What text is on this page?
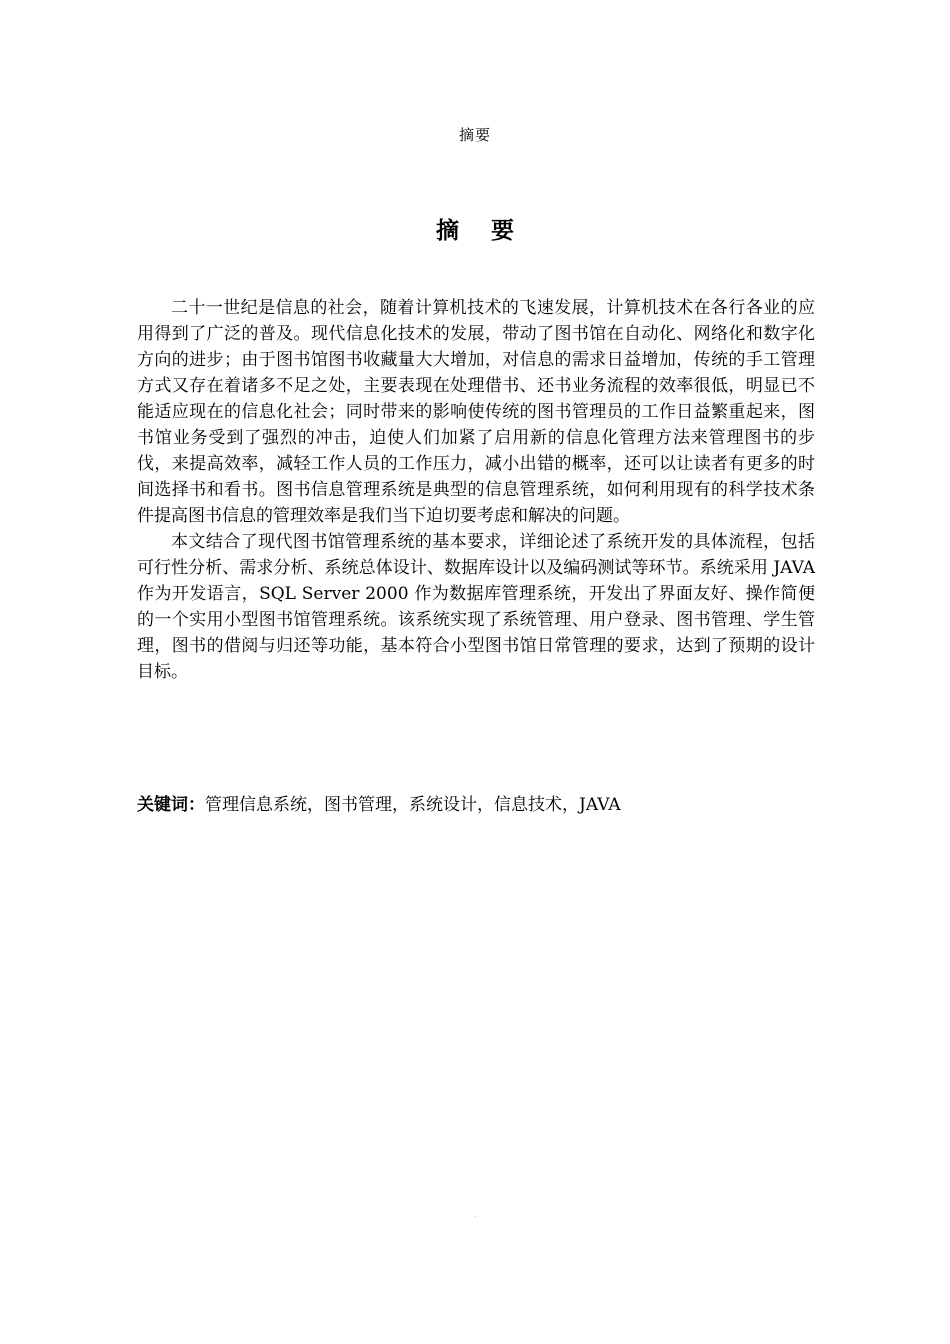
摘要
摘 要

二十一世纪是信息的社会，随着计算机技术的飞速发展，计算机技术在各行各业的应用得到了广泛的普及。现代信息化技术的发展，带动了图书馆在自动化、网络化和数字化方向的进步；由于图书馆图书收藏量大大增加，对信息的需求日益增加，传统的手工管理方式又存在着诸多不足之处，主要表现在处理借书、还书业务流程的效率很低，明显已不能适应现在的信息化社会；同时带来的影响使传统的图书管理员的工作日益繁重起来，图书馆业务受到了强烈的冲击，迫使人们加紧了启用新的信息化管理方法来管理图书的步伐，来提高效率，减轻工作人员的工作压力，减小出错的概率，还可以让读者有更多的时间选择书和看书。图书信息管理系统是典型的信息管理系统，如何利用现有的科学技术条件提高图书信息的管理效率是我们当下迫切要考虑和解决的问题。

本文结合了现代图书馆管理系统的基本要求，详细论述了系统开发的具体流程，包括可行性分析、需求分析、系统总体设计、数据库设计以及编码测试等环节。系统采用 JAVA 作为开发语言，SQL Server 2000 作为数据库管理系统，开发出了界面友好、操作简便的一个实用小型图书馆管理系统。该系统实现了系统管理、用户登录、图书管理、学生管理，图书的借阅与归还等功能，基本符合小型图书馆日常管理的要求，达到了预期的设计目标。

关键词：管理信息系统，图书管理，系统设计，信息技术，JAVA
.
